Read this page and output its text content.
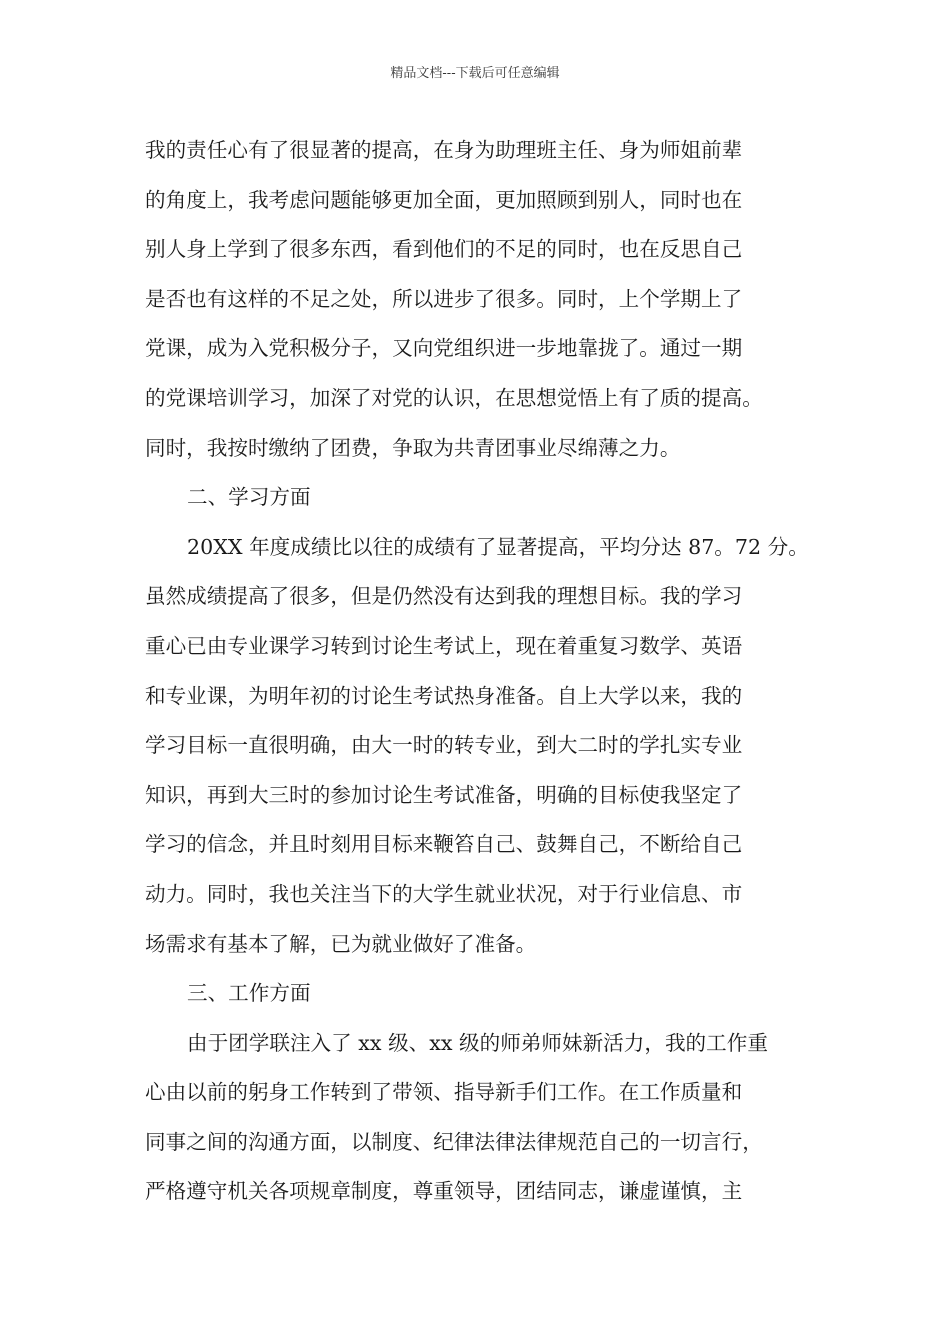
精品文档---下载后可任意编辑
我的责任心有了很显著的提高，在身为助理班主任、身为师姐前辈
的角度上，我考虑问题能够更加全面，更加照顾到别人，同时也在
别人身上学到了很多东西，看到他们的不足的同时，也在反思自己
是否也有这样的不足之处，所以进步了很多。同时，上个学期上了
党课，成为入党积极分子，又向党组织进一步地靠拢了。通过一期
的党课培训学习，加深了对党的认识，在思想觉悟上有了质的提高。
同时，我按时缴纳了团费，争取为共青团事业尽绵薄之力。
二、学习方面
20XX 年度成绩比以往的成绩有了显著提高，平均分达 87。72 分。
虽然成绩提高了很多，但是仍然没有达到我的理想目标。我的学习
重心已由专业课学习转到讨论生考试上，现在着重复习数学、英语
和专业课，为明年初的讨论生考试热身准备。自上大学以来，我的
学习目标一直很明确，由大一时的转专业，到大二时的学扎实专业
知识，再到大三时的参加讨论生考试准备，明确的目标使我坚定了
学习的信念，并且时刻用目标来鞭笞自己、鼓舞自己，不断给自己
动力。同时，我也关注当下的大学生就业状况，对于行业信息、市
场需求有基本了解，已为就业做好了准备。
三、工作方面
由于团学联注入了 xx 级、xx 级的师弟师妹新活力，我的工作重
心由以前的躬身工作转到了带领、指导新手们工作。在工作质量和
同事之间的沟通方面，以制度、纪律法律法律规范自己的一切言行，
严格遵守机关各项规章制度，尊重领导，团结同志，谦虚谨慎，主
